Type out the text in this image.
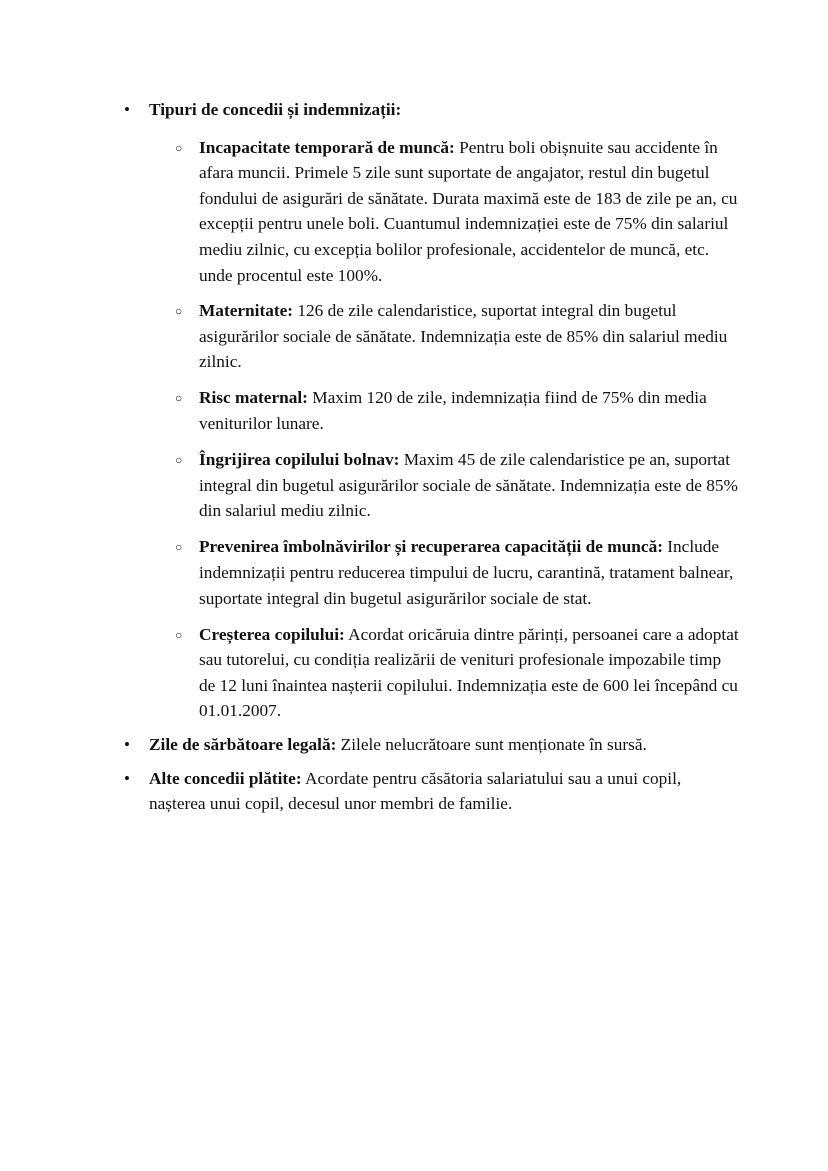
• Tipuri de concedii și indemnizații:
○ Incapacitate temporară de muncă: Pentru boli obișnuite sau accidente în afara muncii. Primele 5 zile sunt suportate de angajator, restul din bugetul fondului de asigurări de sănătate. Durata maximă este de 183 de zile pe an, cu excepții pentru unele boli. Cuantumul indemnizației este de 75% din salariul mediu zilnic, cu excepția bolilor profesionale, accidentelor de muncă, etc. unde procentul este 100%.
○ Maternitate: 126 de zile calendaristice, suportat integral din bugetul asigurărilor sociale de sănătate. Indemnizația este de 85% din salariul mediu zilnic.
○ Risc maternal: Maxim 120 de zile, indemnizația fiind de 75% din media veniturilor lunare.
○ Îngrijirea copilului bolnav: Maxim 45 de zile calendaristice pe an, suportat integral din bugetul asigurărilor sociale de sănătate. Indemnizația este de 85% din salariul mediu zilnic.
○ Prevenirea îmbolnăvirilor și recuperarea capacității de muncă: Include indemnizații pentru reducerea timpului de lucru, carantină, tratament balnear, suportate integral din bugetul asigurărilor sociale de stat.
○ Creșterea copilului: Acordat oricăruia dintre părinți, persoanei care a adoptat sau tutorelui, cu condiția realizării de venituri profesionale impozabile timp de 12 luni înaintea nașterii copilului. Indemnizația este de 600 lei începând cu 01.01.2007.
• Zile de sărbătoare legală: Zilele nelucrătoare sunt menționate în sursă.
• Alte concedii plătite: Acordate pentru căsătoria salariatului sau a unui copil, nașterea unui copil, decesul unor membri de familie.
